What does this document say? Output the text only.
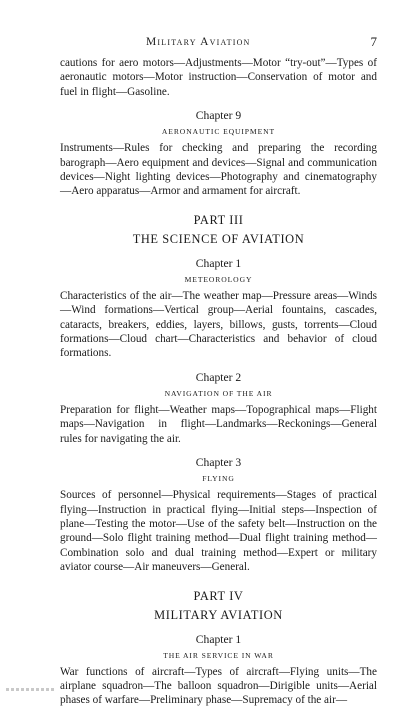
Military Aviation	7

cautions for aero motors—Adjustments—Motor “try-out”—Types of aeronautic motors—Motor instruction—Conservation of motor and fuel in flight—Gasoline.

Chapter 9
AERONAUTIC EQUIPMENT

Instruments—Rules for checking and preparing the recording barograph—Aero equipment and devices—Signal and communication devices—Night lighting devices—Photography and cinematography—Aero apparatus—Armor and armament for aircraft.

PART III
THE SCIENCE OF AVIATION
Chapter 1
METEOROLOGY

Characteristics of the air—The weather map—Pressure areas—Winds—Wind formations—Vertical group—Aerial fountains, cascades, cataracts, breakers, eddies, layers, billows, gusts, torrents—Cloud formations—Cloud chart—Characteristics and behavior of cloud formations.

Chapter 2
NAVIGATION OF THE AIR

Preparation for flight—Weather maps—Topographical maps—Flight maps—Navigation in flight—Landmarks—Reckonings—General rules for navigating the air.

Chapter 3
FLYING

Sources of personnel—Physical requirements—Stages of practical flying—Instruction in practical flying—Initial steps—Inspection of plane—Testing the motor—Use of the safety belt—Instruction on the ground—Solo flight training method—Dual flight training method—Combination solo and dual training method—Expert or military aviator course—Air maneuvers—General.

PART IV
MILITARY AVIATION
Chapter 1
THE AIR SERVICE IN WAR

War functions of aircraft—Types of aircraft—Flying units—The airplane squadron—The balloon squadron—Dirigible units—Aerial phases of warfare—Preliminary phase—Supremacy of the air—
